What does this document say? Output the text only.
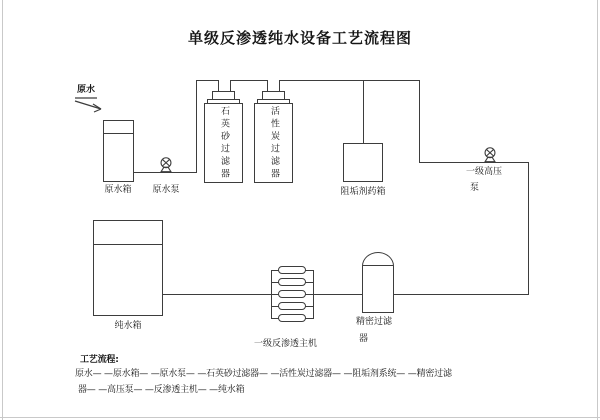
单级反渗透纯水设备工艺流程图
原水
原水箱	原水泵
石英砂过滤器	活性炭过滤器
阻垢剂药箱
一级高压
泵
精密过滤
器
一级反渗透主机
纯水箱
工艺流程:
原水— —原水箱— —原水泵— —石英砂过滤器— —活性炭过滤器— —阻垢剂系统— —精密过滤
器— —高压泵— —反渗透主机— —纯水箱
